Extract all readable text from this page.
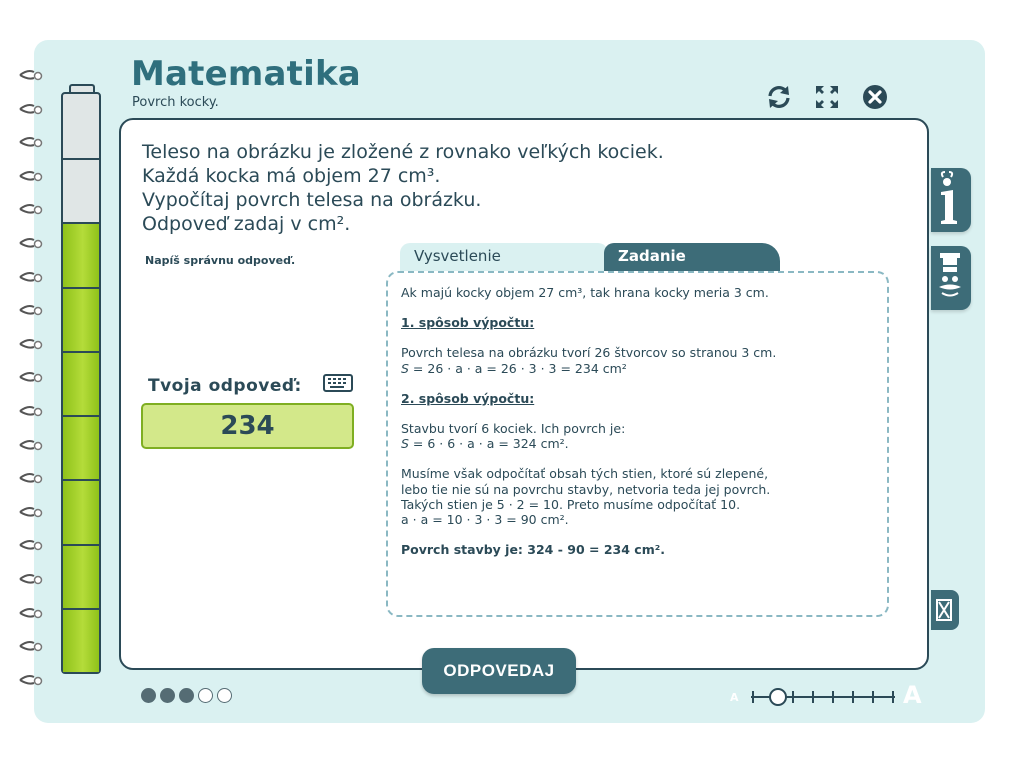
Matematika
Povrch kocky.
Teleso na obrázku je zložené z rovnako veľkých kociek.
Každá kocka má objem 27 cm³.
Vypočítaj povrch telesa na obrázku.
Odpoveď zadaj v cm².
Napíš správnu odpoveď.
Tvoja odpoveď:
234
Vysvetlenie	Zadanie

Ak majú kocky objem 27 cm³, tak hrana kocky meria 3 cm.

1. spôsob výpočtu:

Povrch telesa na obrázku tvorí 26 štvorcov so stranou 3 cm.

S = 26 · a · a = 26 · 3 · 3 = 234 cm²

2. spôsob výpočtu:

Stavbu tvorí 6 kociek. Ich povrch je:

S = 6 · 6 · a · a = 324 cm².

Musíme však odpočítať obsah tých stien, ktoré sú zlepené,

lebo tie nie sú na povrchu stavby, netvoria teda jej povrch.

Takých stien je 5 · 2 = 10. Preto musíme odpočítať 10.

a · a = 10 · 3 · 3 = 90 cm².

Povrch stavby je: 324 - 90 = 234 cm².

ODPOVEDAJ
A	A
